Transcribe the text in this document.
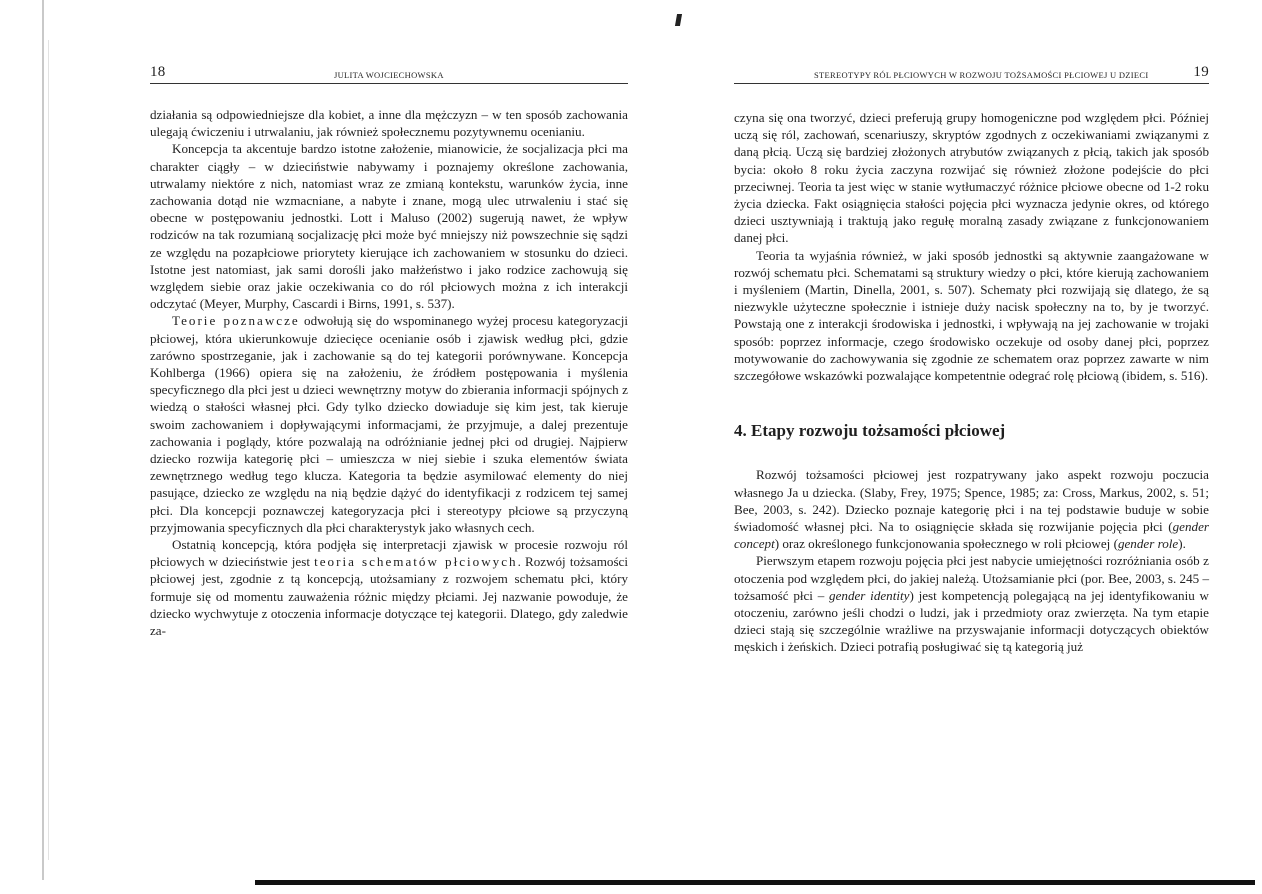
18	JULITA WOJCIECHOWSKA

działania są odpowiedniejsze dla kobiet, a inne dla mężczyzn – w ten sposób zachowania ulegają ćwiczeniu i utrwalaniu, jak również społecznemu pozytywnemu ocenianiu.

Koncepcja ta akcentuje bardzo istotne założenie, mianowicie, że socjalizacja płci ma charakter ciągły – w dzieciństwie nabywamy i poznajemy określone zachowania, utrwalamy niektóre z nich, natomiast wraz ze zmianą kontekstu, warunków życia, inne zachowania dotąd nie wzmacniane, a nabyte i znane, mogą ulec utrwaleniu i stać się obecne w postępowaniu jednostki. Lott i Maluso (2002) sugerują nawet, że wpływ rodziców na tak rozumianą socjalizację płci może być mniejszy niż powszechnie się sądzi ze względu na pozapłciowe priorytety kierujące ich zachowaniem w stosunku do dzieci. Istotne jest natomiast, jak sami dorośli jako małżeństwo i jako rodzice zachowują się względem siebie oraz jakie oczekiwania co do ról płciowych można z ich interakcji odczytać (Meyer, Murphy, Cascardi i Birns, 1991, s. 537).

Teorie poznawcze odwołują się do wspominanego wyżej procesu kategoryzacji płciowej, która ukierunkowuje dziecięce ocenianie osób i zjawisk według płci, gdzie zarówno spostrzeganie, jak i zachowanie są do tej kategorii porównywane. Koncepcja Kohlberga (1966) opiera się na założeniu, że źródłem postępowania i myślenia specyficznego dla płci jest u dzieci wewnętrzny motyw do zbierania informacji spójnych z wiedzą o stałości własnej płci. Gdy tylko dziecko dowiaduje się kim jest, tak kieruje swoim zachowaniem i dopływającymi informacjami, że przyjmuje, a dalej prezentuje zachowania i poglądy, które pozwalają na odróżnianie jednej płci od drugiej. Najpierw dziecko rozwija kategorię płci – umieszcza w niej siebie i szuka elementów świata zewnętrznego według tego klucza. Kategoria ta będzie asymilować elementy do niej pasujące, dziecko ze względu na nią będzie dążyć do identyfikacji z rodzicem tej samej płci. Dla koncepcji poznawczej kategoryzacja płci i stereotypy płciowe są przyczyną przyjmowania specyficznych dla płci charakterystyk jako własnych cech.

Ostatnią koncepcją, która podjęła się interpretacji zjawisk w procesie rozwoju ról płciowych w dzieciństwie jest teoria schematów płciowych. Rozwój tożsamości płciowej jest, zgodnie z tą koncepcją, utożsamiany z rozwojem schematu płci, który formuje się od momentu zauważenia różnic między płciami. Jej nazwanie powoduje, że dziecko wychwytuje z otoczenia informacje dotyczące tej kategorii. Dlatego, gdy zaledwie za-

STEREOTYPY RÓL PŁCIOWYCH W ROZWOJU TOŻSAMOŚCI PŁCIOWEJ U DZIECI	19

czyna się ona tworzyć, dzieci preferują grupy homogeniczne pod względem płci. Później uczą się ról, zachowań, scenariuszy, skryptów zgodnych z oczekiwaniami związanymi z daną płcią. Uczą się bardziej złożonych atrybutów związanych z płcią, takich jak sposób bycia: około 8 roku życia zaczyna rozwijać się również złożone podejście do płci przeciwnej. Teoria ta jest więc w stanie wytłumaczyć różnice płciowe obecne od 1-2 roku życia dziecka. Fakt osiągnięcia stałości pojęcia płci wyznacza jedynie okres, od którego dzieci usztywniają i traktują jako regułę moralną zasady związane z funkcjonowaniem danej płci.

Teoria ta wyjaśnia również, w jaki sposób jednostki są aktywnie zaangażowane w rozwój schematu płci. Schematami są struktury wiedzy o płci, które kierują zachowaniem i myśleniem (Martin, Dinella, 2001, s. 507). Schematy płci rozwijają się dlatego, że są niezwykle użyteczne społecznie i istnieje duży nacisk społeczny na to, by je tworzyć. Powstają one z interakcji środowiska i jednostki, i wpływają na jej zachowanie w trojaki sposób: poprzez informacje, czego środowisko oczekuje od osoby danej płci, poprzez motywowanie do zachowywania się zgodnie ze schematem oraz poprzez zawarte w nim szczegółowe wskazówki pozwalające kompetentnie odegrać rolę płciową (ibidem, s. 516).

4. Etapy rozwoju tożsamości płciowej

Rozwój tożsamości płciowej jest rozpatrywany jako aspekt rozwoju poczucia własnego Ja u dziecka. (Slaby, Frey, 1975; Spence, 1985; za: Cross, Markus, 2002, s. 51; Bee, 2003, s. 242). Dziecko poznaje kategorię płci i na tej podstawie buduje w sobie świadomość własnej płci. Na to osiągnięcie składa się rozwijanie pojęcia płci (gender concept) oraz określonego funkcjonowania społecznego w roli płciowej (gender role).

Pierwszym etapem rozwoju pojęcia płci jest nabycie umiejętności rozróżniania osób z otoczenia pod względem płci, do jakiej należą. Utożsamianie płci (por. Bee, 2003, s. 245 – tożsamość płci – gender identity) jest kompetencją polegającą na jej identyfikowaniu w otoczeniu, zarówno jeśli chodzi o ludzi, jak i przedmioty oraz zwierzęta. Na tym etapie dzieci stają się szczególnie wrażliwe na przyswajanie informacji dotyczących obiektów męskich i żeńskich. Dzieci potrafią posługiwać się tą kategorią już
